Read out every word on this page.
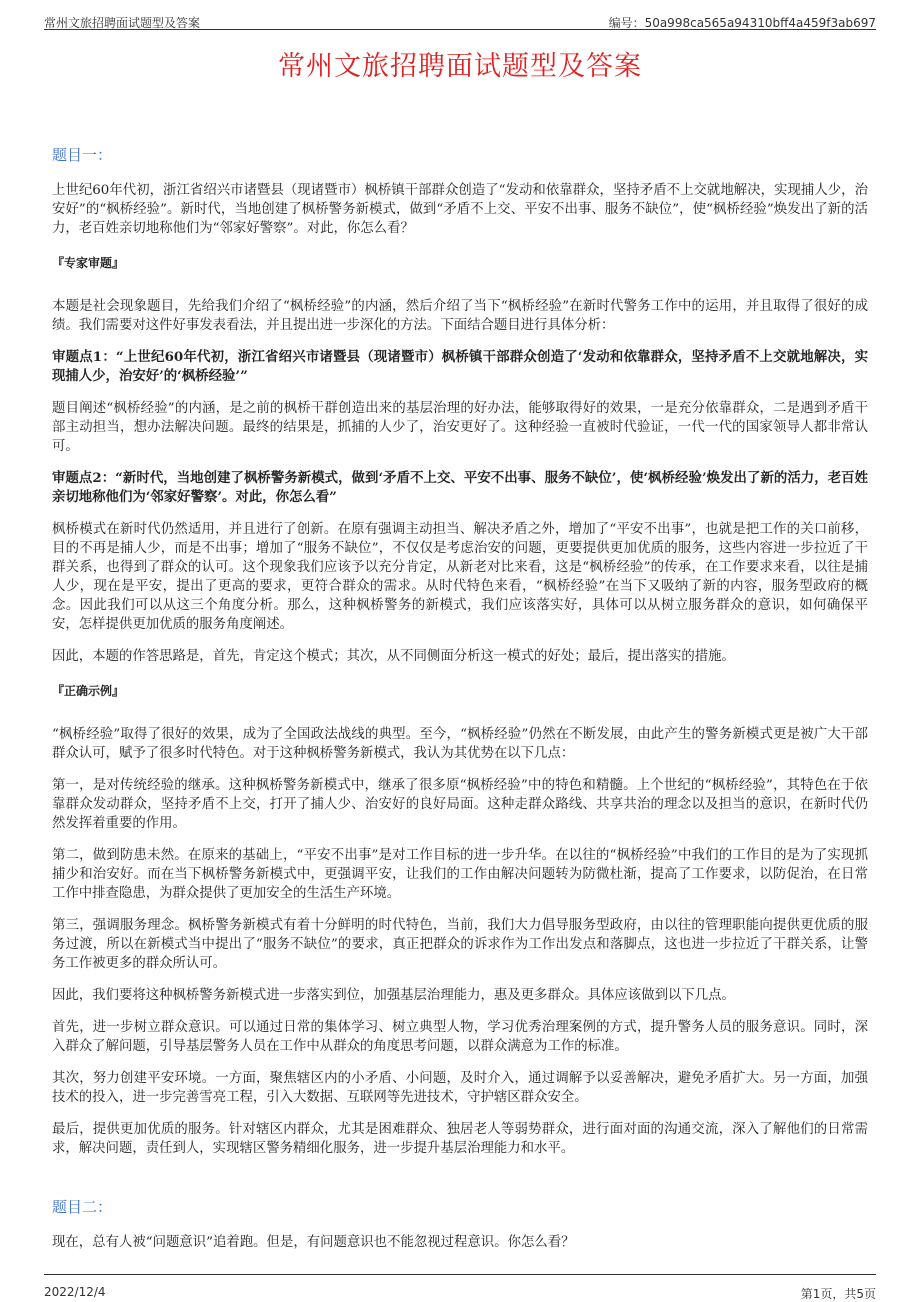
常州文旅招聘面试题型及答案	编号：50a998ca565a94310bff4a459f3ab697
常州文旅招聘面试题型及答案
题目一：

上世纪60年代初，浙江省绍兴市诸暨县（现诸暨市）枫桥镇干部群众创造了“发动和依靠群众，坚持矛盾不上交就地解决，实现捕人少，治安好”的“枫桥经验”。新时代，当地创建了枫桥警务新模式，做到“矛盾不上交、平安不出事、服务不缺位”，使“枫桥经验”焕发出了新的活力，老百姓亲切地称他们为“邻家好警察”。对此，你怎么看？

『专家审题』

本题是社会现象题目，先给我们介绍了“枫桥经验”的内涵，然后介绍了当下“枫桥经验”在新时代警务工作中的运用，并且取得了很好的成绩。我们需要对这件好事发表看法，并且提出进一步深化的方法。下面结合题目进行具体分析：

审题点1：“上世纪60年代初，浙江省绍兴市诸暨县（现诸暨市）枫桥镇干部群众创造了‘发动和依靠群众，坚持矛盾不上交就地解决，实现捕人少，治安好’的‘枫桥经验’”

题目阐述“枫桥经验”的内涵，是之前的枫桥干群创造出来的基层治理的好办法，能够取得好的效果，一是充分依靠群众，二是遇到矛盾干部主动担当，想办法解决问题。最终的结果是，抓捕的人少了，治安更好了。这种经验一直被时代验证，一代一代的国家领导人都非常认可。

审题点2：“新时代，当地创建了枫桥警务新模式，做到‘矛盾不上交、平安不出事、服务不缺位’，使‘枫桥经验’焕发出了新的活力，老百姓亲切地称他们为‘邻家好警察’。对此，你怎么看”

枫桥模式在新时代仍然适用，并且进行了创新。在原有强调主动担当、解决矛盾之外，增加了“平安不出事”，也就是把工作的关口前移，目的不再是捕人少，而是不出事；增加了“服务不缺位”，不仅仅是考虑治安的问题，更要提供更加优质的服务，这些内容进一步拉近了干群关系，也得到了群众的认可。这个现象我们应该予以充分肯定，从新老对比来看，这是“枫桥经验”的传承，在工作要求来看，以往是捕人少，现在是平安，提出了更高的要求，更符合群众的需求。从时代特色来看，“枫桥经验”在当下又吸纳了新的内容，服务型政府的概念。因此我们可以从这三个角度分析。那么，这种枫桥警务的新模式，我们应该落实好，具体可以从树立服务群众的意识，如何确保平安，怎样提供更加优质的服务角度阐述。

因此，本题的作答思路是，首先，肯定这个模式；其次，从不同侧面分析这一模式的好处；最后，提出落实的措施。

『正确示例』

“枫桥经验”取得了很好的效果，成为了全国政法战线的典型。至今，“枫桥经验”仍然在不断发展，由此产生的警务新模式更是被广大干部群众认可，赋予了很多时代特色。对于这种枫桥警务新模式，我认为其优势在以下几点：

第一，是对传统经验的继承。这种枫桥警务新模式中，继承了很多原“枫桥经验”中的特色和精髓。上个世纪的“枫桥经验”，其特色在于依靠群众发动群众，坚持矛盾不上交，打开了捕人少、治安好的良好局面。这种走群众路线、共享共治的理念以及担当的意识，在新时代仍然发挥着重要的作用。

第二，做到防患未然。在原来的基础上，“平安不出事”是对工作目标的进一步升华。在以往的“枫桥经验”中我们的工作目的是为了实现抓捕少和治安好。而在当下枫桥警务新模式中，更强调平安，让我们的工作由解决问题转为防微杜渐，提高了工作要求，以防促治，在日常工作中排查隐患，为群众提供了更加安全的生活生产环境。

第三，强调服务理念。枫桥警务新模式有着十分鲜明的时代特色，当前，我们大力倡导服务型政府，由以往的管理职能向提供更优质的服务过渡，所以在新模式当中提出了“服务不缺位”的要求，真正把群众的诉求作为工作出发点和落脚点，这也进一步拉近了干群关系，让警务工作被更多的群众所认可。

因此，我们要将这种枫桥警务新模式进一步落实到位，加强基层治理能力，惠及更多群众。具体应该做到以下几点。

首先，进一步树立群众意识。可以通过日常的集体学习、树立典型人物，学习优秀治理案例的方式，提升警务人员的服务意识。同时，深入群众了解问题，引导基层警务人员在工作中从群众的角度思考问题，以群众满意为工作的标准。

其次，努力创建平安环境。一方面，聚焦辖区内的小矛盾、小问题，及时介入，通过调解予以妥善解决，避免矛盾扩大。另一方面，加强技术的投入，进一步完善雪亮工程，引入大数据、互联网等先进技术，守护辖区群众安全。

最后，提供更加优质的服务。针对辖区内群众，尤其是困难群众、独居老人等弱势群众，进行面对面的沟通交流，深入了解他们的日常需求，解决问题，责任到人，实现辖区警务精细化服务，进一步提升基层治理能力和水平。

题目二：

现在，总有人被“问题意识”追着跑。但是，有问题意识也不能忽视过程意识。你怎么看？

2022/12/4	第1页，共5页
